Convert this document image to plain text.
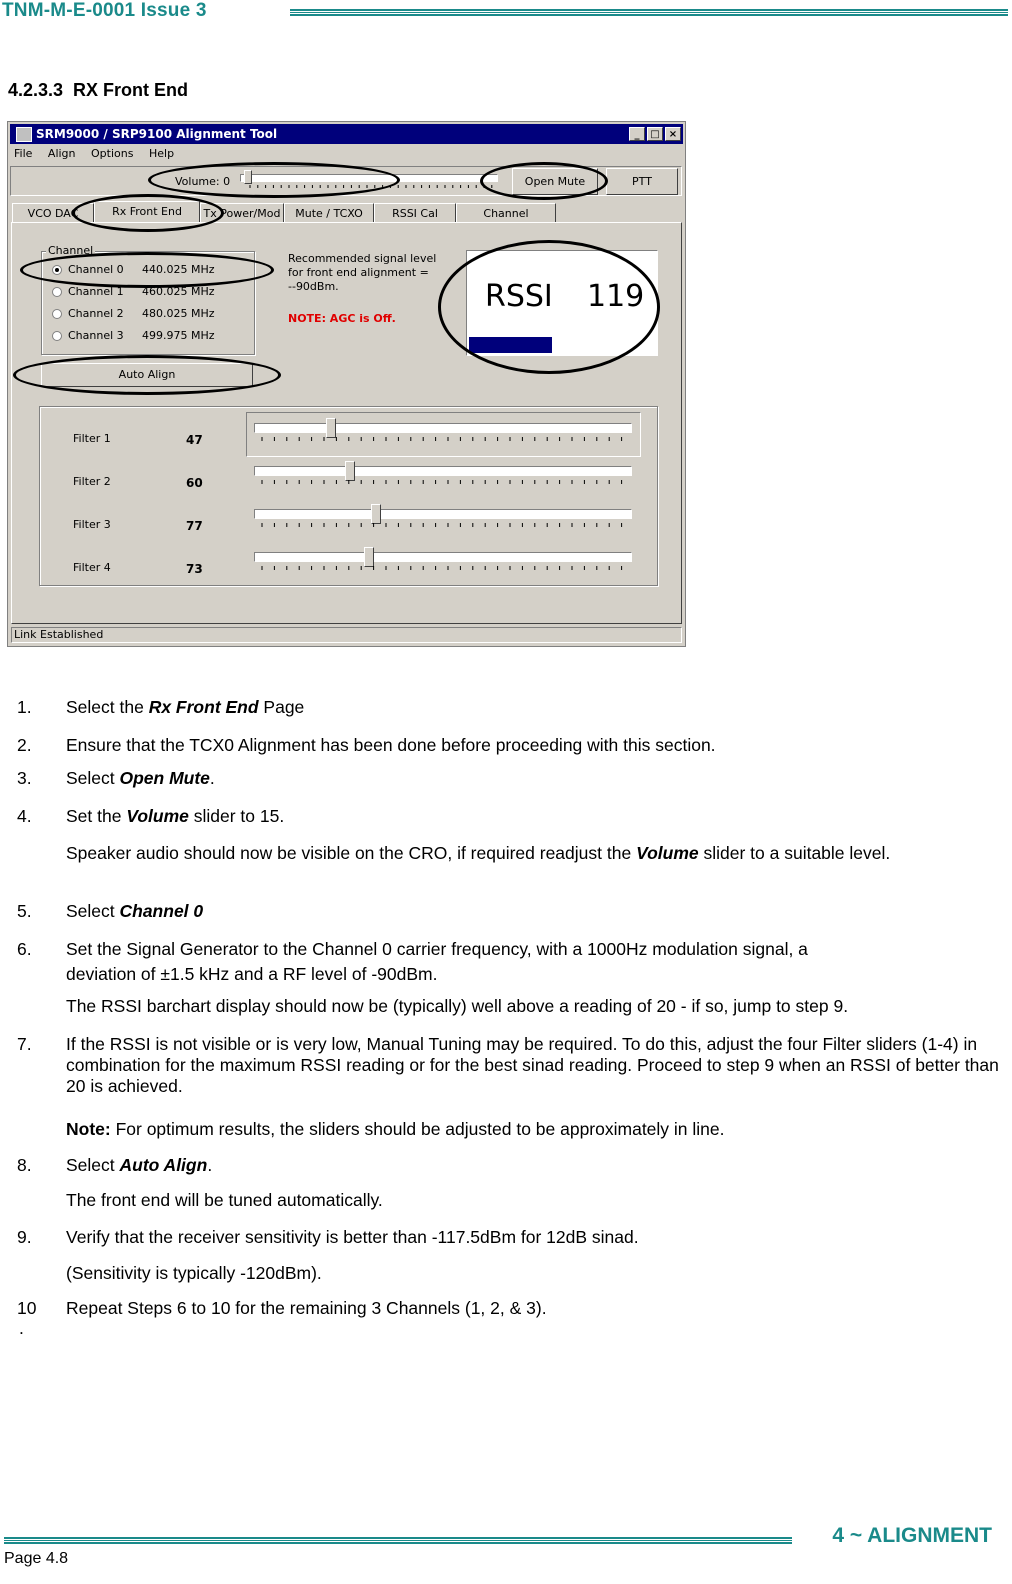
TNM-M-E-0001 Issue 3
4.2.3.3 RX Front End
SRM9000 / SRP9100 Alignment Tool	_	□ ×
File Align Options Help
Volume: 0	Open Mute	PTT
VCO DAC	Rx Front End	Tx Power/Mod	Mute / TCXO	RSSI Cal	Channel
Channel
Channel 0 440.025 MHz
Channel 1 460.025 MHz
Channel 2 480.025 MHz
Channel 3 499.975 MHz
Recommended signal level
for front end alignment =
--90dBm.
NOTE: AGC is Off.
RSSI 119
Auto Align
Filter 1	47
Filter 2	60
Filter 3	77
Filter 4	73
Link Established
1. Select the Rx Front End Page
2. Ensure that the TCX0 Alignment has been done before proceeding with this section.
3. Select Open Mute.
4. Set the Volume slider to 15.
Speaker audio should now be visible on the CRO, if required readjust the Volume slider to a suitable level.
5. Select Channel 0
6. Set the Signal Generator to the Channel 0 carrier frequency, with a 1000Hz modulation signal, a
deviation of ±1.5 kHz and a RF level of -90dBm.
The RSSI barchart display should now be (typically) well above a reading of 20 - if so, jump to step 9.
7. If the RSSI is not visible or is very low, Manual Tuning may be required. To do this, adjust the four Filter sliders (1-4) in combination for the maximum RSSI reading or for the best sinad reading. Proceed to step 9 when an RSSI of better than 20 is achieved.
Note: For optimum results, the sliders should be adjusted to be approximately in line.
8. Select Auto Align.
The front end will be tuned automatically.
9. Verify that the receiver sensitivity is better than -117.5dBm for 12dB sinad.
(Sensitivity is typically -120dBm).
10
.
Repeat Steps 6 to 10 for the remaining 3 Channels (1, 2, & 3).
4 ~ ALIGNMENT
Page 4.8
